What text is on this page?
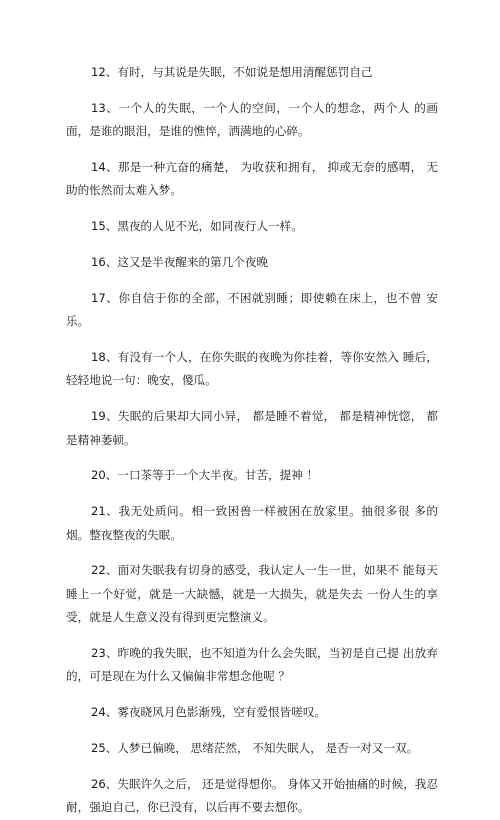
12、有时，与其说是失眠，不如说是想用清醒惩罚自己

13、一个人的失眠，一个人的空间，一个人的想念，两个人 的画面，是谁的眼泪，是谁的憔悴，洒满地的心碎。

14、那是一种亢奋的痛楚， 为收获和拥有， 抑或无奈的感喟， 无助的怅然而太难入梦。

15、黑夜的人见不光，如同夜行人一样。

16、这又是半夜醒来的第几个夜晚

17、你自信于你的全部，不困就别睡；即使赖在床上，也不曾 安乐。

18、有没有一个人，在你失眠的夜晚为你挂着，等你安然入 睡后，轻轻地说一句：晚安，傻瓜。

19、失眠的后果却大同小异， 都是睡不着觉， 都是精神恍惚， 都是精神萎顿。

20、一口茶等于一个大半夜。甘苦，提神 ！

21、我无处质问。相一致困兽一样被困在放家里。抽很多很 多的烟。整夜整夜的失眠。

22、面对失眠我有切身的感受，我认定人一生一世，如果不 能每天睡上一个好觉，就是一大缺憾，就是一大损失，就是失去 一份人生的享受，就是人生意义没有得到更完整演义。

23、昨晚的我失眠，也不知道为什么会失眠，当初是自己提 出放弃的，可是现在为什么又偏偏非常想念他呢 ？

24、雾夜晓风月色影渐残，空有爱恨皆嗟叹。

25、人梦已偏晚， 思绪茫然， 不知失眠人， 是否一对又一双。

26、失眠许久之后， 还是觉得想你。 身体又开始抽痛的时候，我忍耐，强迫自己，你已没有，以后再不要去想你。
